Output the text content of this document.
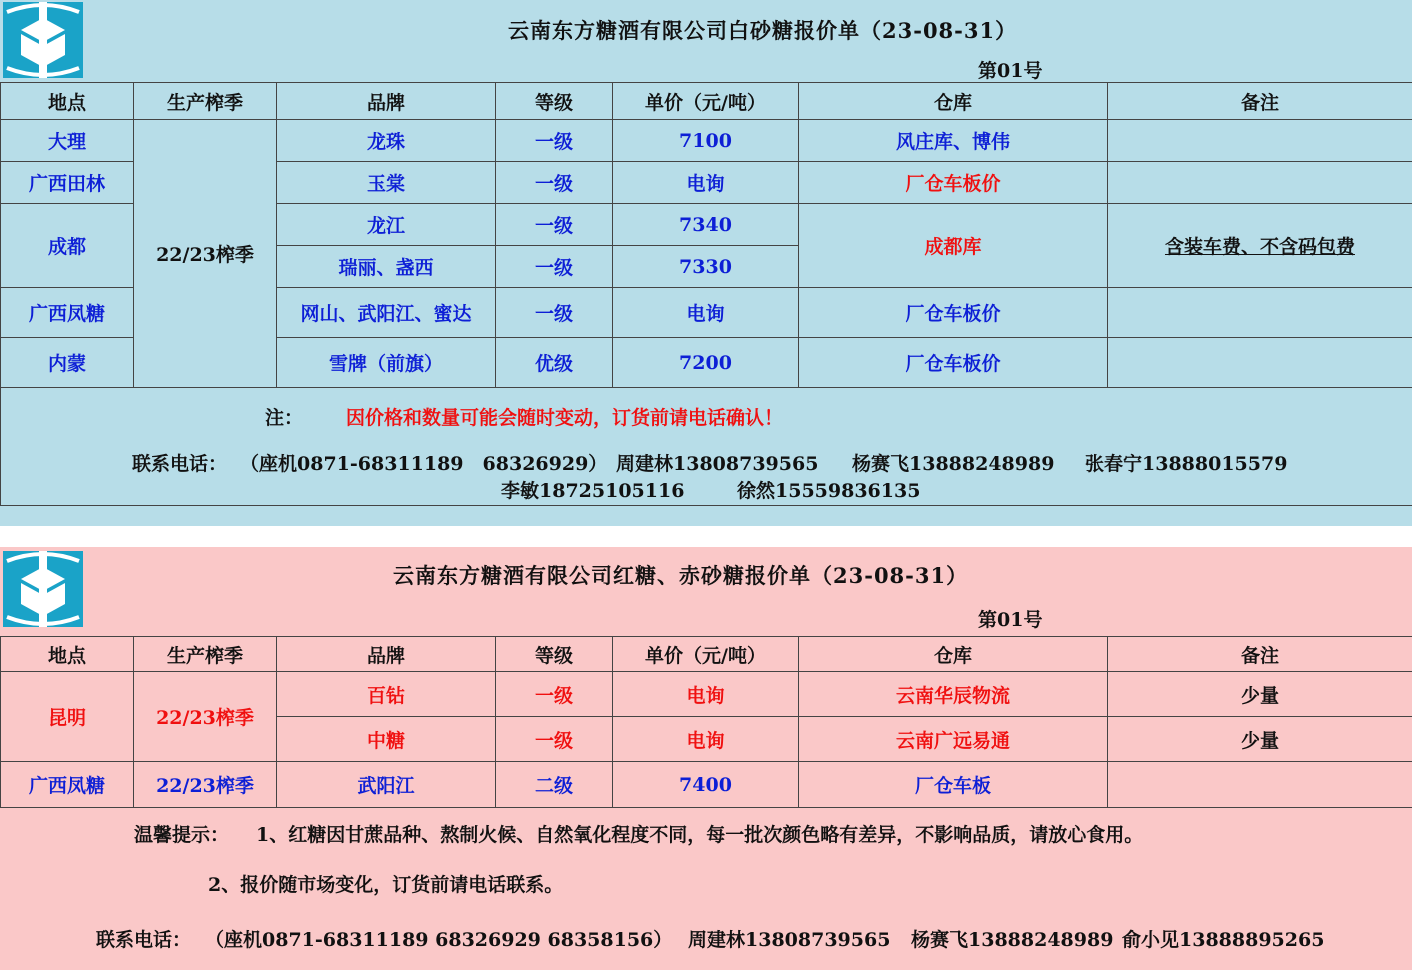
云南东方糖酒有限公司白砂糖报价单（23-08-31）
第01号
地点	生产榨季	品牌	等级	单价（元/吨）	仓库	备注
大理	22/23榨季	龙珠	一级	7100	风庄库、博伟	
广西田林		玉棠	一级	电询	厂仓车板价	
成都		龙江	一级	7340	成都库	含装车费、不含码包费
		瑞丽、盏西	一级	7330		
广西凤糖		网山、武阳江、蜜达	一级	电询	厂仓车板价	
内蒙		雪牌（前旗）	优级	7200	厂仓车板价	

注： 因价格和数量可能会随时变动，订货前请电话确认！
联系电话： （座机0871-68311189　68326929） 周建林13808739565 杨赛飞13888248989 张春宁13888015579
李敏18725105116	徐然15559836135
云南东方糖酒有限公司红糖、赤砂糖报价单（23-08-31）
第01号
地点	生产榨季	品牌	等级	单价（元/吨）	仓库	备注
昆明	22/23榨季	百钻	一级	电询	云南华辰物流	少量
		中糖	一级	电询	云南广远易通	少量
广西凤糖	22/23榨季	武阳江	二级	7400	厂仓车板	
温馨提示： 1、红糖因甘蔗品种、熬制火候、自然氧化程度不同，每一批次颜色略有差异，不影响品质，请放心食用。
2、报价随市场变化，订货前请电话联系。
联系电话： （座机0871-68311189 68326929 68358156） 周建林13808739565 杨赛飞13888248989 俞小见13888895265
